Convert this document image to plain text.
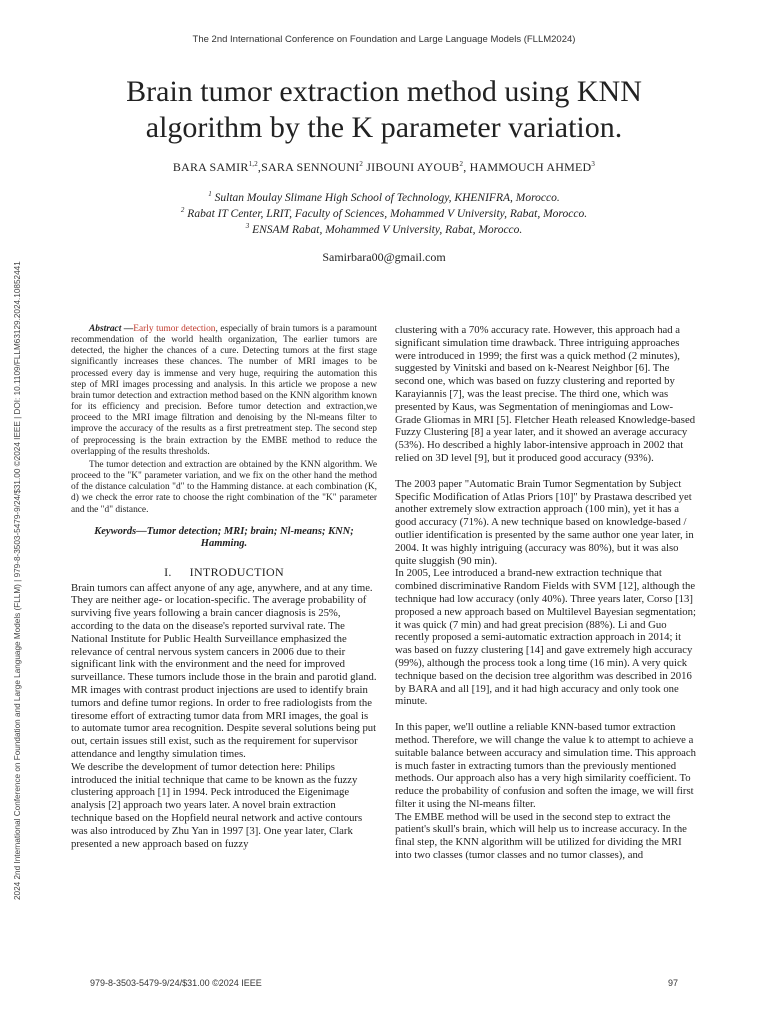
The 2nd International Conference on Foundation and Large Language Models (FLLM2024)
2024 2nd International Conference on Foundation and Large Language Models (FLLM) | 979-8-3503-5479-9/24/$31.00 ©2024 IEEE | DOI: 10.1109/FLLM63129.2024.10852441
Brain tumor extraction method using KNN
algorithm by the K parameter variation.
BARA SAMIR$^{1,2}$,SARA SENNOUNI$^2$ JIBOUNI AYOUB$^2$, HAMMOUCH AHMED$^3$
$^1$ Sultan Moulay Slimane High School of Technology, KHENIFRA, Morocco.
$^2$ Rabat IT Center, LRIT, Faculty of Sciences, Mohammed V University, Rabat, Morocco.
$^3$ ENSAM Rabat, Mohammed V University, Rabat, Morocco.
Samirbara00@gmail.com

Abstract —Early tumor detection, especially of brain tumors is a paramount recommendation of the world health organization, The earlier tumors are detected, the higher the chances of a cure. Detecting tumors at the first stage significantly increases these chances. The number of MRI images to be processed every day is immense and very huge, requiring the automation this step of MRI images processing and analysis. In this article we propose a new brain tumor detection and extraction method based on the KNN algorithm known for its efficiency and precision. Before tumor detection and extraction,we proceed to the MRI image filtration and denoising by the Nl-means filter to improve the accuracy of the results as a first pretreatment step. The second step of preprocessing is the brain extraction by the EMBE method to reduce the overlapping of the results thresholds.

The tumor detection and extraction are obtained by the KNN algorithm. We proceed to the "K" parameter variation, and we fix on the other hand the method of the distance calculation "d" to the Hamming distance. at each combination (K, d) we check the error rate to choose the right combination of the "K" parameter and the "d" distance.

Keywords—Tumor detection; MRI; brain; Nl-means; KNN; Hamming.
I. INTRODUCTION

Brain tumors can affect anyone of any age, anywhere, and at any time. They are neither age- or location-specific. The average probability of surviving five years following a brain cancer diagnosis is 25%, according to the data on the disease's reported survival rate. The National Institute for Public Health Surveillance emphasized the relevance of central nervous system cancers in 2006 due to their significant link with the environment and the need for improved surveillance. These tumors include those in the brain and parotid gland.

MR images with contrast product injections are used to identify brain tumors and define tumor regions. In order to free radiologists from the tiresome effort of extracting tumor data from MRI images, the goal is to automate tumor area recognition. Despite several solutions being put out, certain issues still exist, such as the requirement for supervisor attendance and lengthy simulation times.

We describe the development of tumor detection here: Philips introduced the initial technique that came to be known as the fuzzy clustering approach [1] in 1994. Peck introduced the Eigenimage analysis [2] approach two years later. A novel brain extraction technique based on the Hopfield neural network and active contours was also introduced by Zhu Yan in 1997 [3]. One year later, Clark presented a new approach based on fuzzy

clustering with a 70% accuracy rate. However, this approach had a significant simulation time drawback. Three intriguing approaches were introduced in 1999; the first was a quick method (2 minutes), suggested by Vinitski and based on k-Nearest Neighbor [6]. The second one, which was based on fuzzy clustering and reported by Karayiannis [7], was the least precise. The third one, which was presented by Kaus, was Segmentation of meningiomas and Low-Grade Gliomas in MRI [5]. Fletcher Heath released Knowledge-based Fuzzy Clustering [8] a year later, and it showed an average accuracy (53%). Ho described a highly labor-intensive approach in 2002 that relied on 3D level [9], but it produced good accuracy (93%).

The 2003 paper "Automatic Brain Tumor Segmentation by Subject Specific Modification of Atlas Priors [10]" by Prastawa described yet another extremely slow extraction approach (100 min), yet it has a good accuracy (71%). A new technique based on knowledge-based / outlier identification is presented by the same author one year later, in 2004. It was highly intriguing (accuracy was 80%), but it was also quite sluggish (90 min).

In 2005, Lee introduced a brand-new extraction technique that combined discriminative Random Fields with SVM [12], although the technique had low accuracy (only 40%). Three years later, Corso [13] proposed a new approach based on Multilevel Bayesian segmentation; it was quick (7 min) and had great precision (88%). Li and Guo recently proposed a semi-automatic extraction approach in 2014; it was based on fuzzy clustering [14] and gave extremely high accuracy (99%), although the process took a long time (16 min). A very quick technique based on the decision tree algorithm was described in 2016 by BARA and all [19], and it had high accuracy and only took one minute.

In this paper, we'll outline a reliable KNN-based tumor extraction method. Therefore, we will change the value k to attempt to achieve a suitable balance between accuracy and simulation time. This approach is much faster in extracting tumors than the previously mentioned methods. Our approach also has a very high similarity coefficient. To reduce the probability of confusion and soften the image, we will first filter it using the Nl-means filter.

The EMBE method will be used in the second step to extract the patient's skull's brain, which will help us to increase accuracy. In the final step, the KNN algorithm will be utilized for dividing the MRI into two classes (tumor classes and no tumor classes), and

979-8-3503-5479-9/24/$31.00 ©2024 IEEE	97
